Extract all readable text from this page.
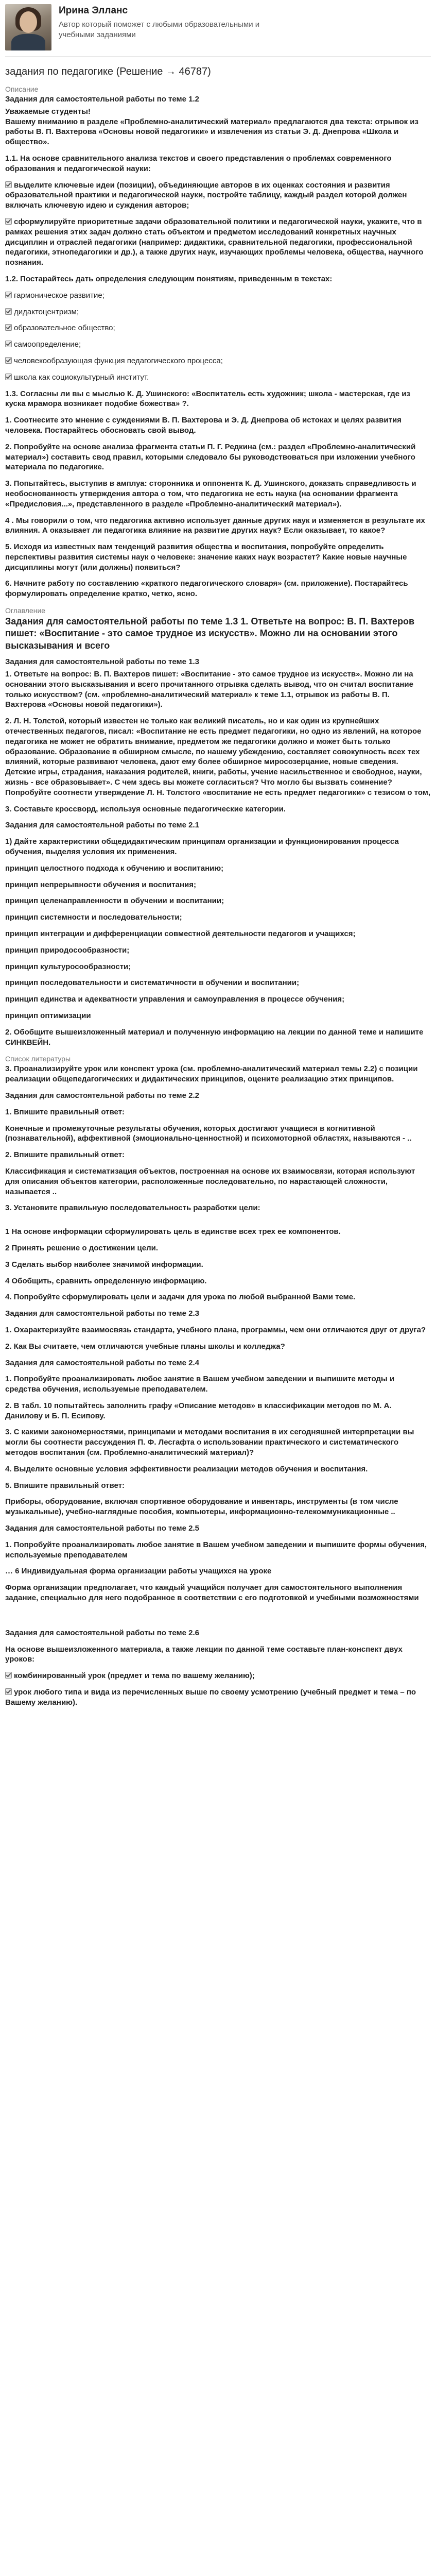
Ирина Элланс
Автор который поможет с любыми образовательными и учебными заданиями
задания по педагогике (Решение → 46787)
Описание
Задания для самостоятельной работы по теме 1.2
Уважаемые студенты!
Вашему вниманию в разделе «Проблемно-аналитический материал» предлагаются два текста: отрывок из работы В. П. Вахтерова «Основы новой педагогики» и извлечения из статьи Э. Д. Днепрова «Школа и общество».
1.1. На основе сравнительного анализа текстов и своего представления о проблемах современного образования и педагогической науки:
выделите ключевые идеи (позиции), объединяющие авторов в их оценках состояния и развития образовательной практики и педагогической науки, постройте таблицу, каждый раздел которой должен включать ключевую идею и суждения авторов;
сформулируйте приоритетные задачи образовательной политики и педагогической науки, укажите, что в рамках решения этих задач должно стать объектом и предметом исследований конкретных научных дисциплин и отраслей педагогики (например: дидактики, сравнительной педагогики, профессиональной педагогики, этнопедагогики и др.), а также других наук, изучающих проблемы человека, общества, научного познания.
1.2. Постарайтесь дать определения следующим понятиям, приведенным в текстах:
гармоническое развитие;
дидактоцентризм;
образовательное общество;
самоопределение;
человекообразующая функция педагогического процесса;
школа как социокультурный институт.
1.3. Согласны ли вы с мыслью К. Д. Ушинского: «Воспитатель есть художник; школа - мастерская, где из куска мрамора возникает подобие божества» ?.
1. Соотнесите это мнение с суждениями В. П. Вахтерова и Э. Д. Днепрова об истоках и целях развития человека. Постарайтесь обосновать свой вывод.
2. Попробуйте на основе анализа фрагмента статьи П. Г. Редкина (см.: раздел «Проблемно-аналитический материал») составить свод правил, которыми следовало бы руководствоваться при изложении учебного материала по педагогике.
3. Попытайтесь, выступив в амплуа: сторонника и оппонента К. Д. Ушинского, доказать справедливость и необоснованность утверждения автора о том, что педагогика не есть наука (на основании фрагмента «Предисловия...», представленного в разделе «Проблемно-аналитический материал»).
4 . Мы говорили о том, что педагогика активно использует данные других наук и изменяется в результате их влияния. А оказывает ли педагогика влияние на развитие других наук? Если оказывает, то какое?
5. Исходя из известных вам тенденций развития общества и воспитания, попробуйте определить перспективы развития системы наук о человеке: значение каких наук возрастет? Какие новые научные дисциплины могут (или должны) появиться?
6. Начните работу по составлению «краткого педагогического словаря» (см. приложение). Постарайтесь формулировать определение кратко, четко, ясно.
Оглавление
Задания для самостоятельной работы по теме 1.3 1. Ответьте на вопрос: В. П. Вахтеров пишет: «Воспитание - это самое трудное из искусств». Можно ли на основании этого высказывания и всего
Задания для самостоятельной работы по теме 1.3
1. Ответьте на вопрос: В. П. Вахтеров пишет: «Воспитание - это самое трудное из искусств». Можно ли на основании этого высказывания и всего прочитанного отрывка сделать вывод, что он считал воспитание только искусством? (см. «проблемно-аналитический материал» к теме 1.1, отрывок из работы В. П. Вахтерова «Основы новой педагогики»).
2. Л. Н. Толстой, который известен не только как великий писатель, но и как один из крупнейших отечественных педагогов, писал: «Воспитание не есть предмет педагогики, но одно из явлений, на которое педагогика не может не обратить внимание, предметом же педагогики должно и может быть только образование. Образование в обширном смысле, по нашему убеждению, составляет совокупность всех тех влияний, которые развивают человека, дают ему более обширное миросозерцание, новые сведения. Детские игры, страдания, наказания родителей, книги, работы, учение насильственное и свободное, науки, жизнь - все образовывает». С чем здесь вы можете согласиться? Что могло бы вызвать сомнение? Попробуйте соотнести утверждение Л. Н. Толстого «воспитание не есть предмет педагогики» с тезисом о том,
3. Составьте кроссворд, используя основные педагогические категории.
Задания для самостоятельной работы по теме 2.1
1) Дайте характеристики общедидактическим принципам организации и функционирования процесса обучения, выделяя условия их применения.
принцип целостного подхода к обучению и воспитанию;
принцип непрерывности обучения и воспитания;
принцип целенаправленности в обучении и воспитании;
принцип системности и последовательности;
принцип интеграции и дифференциации совместной деятельности педагогов и учащихся;
принцип природосообразности;
принцип культуросообразности;
принцип последовательности и систематичности в обучении и воспитании;
принцип единства и адекватности управления и самоуправления в процессе обучения;
принцип оптимизации
2. Обобщите вышеизложенный материал и полученную информацию на лекции по данной теме и напишите СИНКВЕЙН.
Список литературы
3. Проанализируйте урок или конспект урока (см. проблемно-аналитический материал темы 2.2) с позиции реализации общепедагогических и дидактических принципов, оцените реализацию этих принципов.
Задания для самостоятельной работы по теме 2.2
1. Впишите правильный ответ:
Конечные и промежуточные результаты обучения, которых достигают учащиеся в когнитивной (познавательной), аффективной (эмоционально-ценностной) и психомоторной областях, называются - ..
2. Впишите правильный ответ:
Классификация и систематизация объектов, построенная на основе их взаимосвязи, которая используют для описания объектов категории, расположенные последовательно, по нарастающей сложности, называется ..
3. Установите правильную последовательность разработки цели:
1 На основе информации сформулировать цель в единстве всех трех ее компонентов.
2 Принять решение о достижении цели.
3 Сделать выбор наиболее значимой информации.
4 Обобщить, сравнить определенную информацию.
4. Попробуйте сформулировать цели и задачи для урока по любой выбранной Вами теме.
Задания для самостоятельной работы по теме 2.3
1. Охарактеризуйте взаимосвязь стандарта, учебного плана, программы, чем они отличаются друг от друга?
2. Как Вы считаете, чем отличаются учебные планы школы и колледжа?
Задания для самостоятельной работы по теме 2.4
1. Попробуйте проанализировать любое занятие в Вашем учебном заведении и выпишите методы и средства обучения, используемые преподавателем.
2. В табл. 10 попытайтесь заполнить графу «Описание методов» в классификации методов по М. А. Данилову и Б. П. Есипову.
3. С какими закономерностями, принципами и методами воспитания в их сегодняшней интерпретации вы могли бы соотнести рассуждения П. Ф. Лесгафта о использовании практического и систематического методов воспитания (см. Проблемно-аналитический материал)?
4. Выделите основные условия эффективности реализации методов обучения и воспитания.
5. Впишите правильный ответ:
Приборы, оборудование, включая спортивное оборудование и инвентарь, инструменты (в том числе музыкальные), учебно-наглядные пособия, компьютеры, информационно-телекоммуникационные ..
Задания для самостоятельной работы по теме 2.5
1. Попробуйте проанализировать любое занятие в Вашем учебном заведении и выпишите формы обучения, используемые преподавателем
… 6 Индивидуальная форма организации работы учащихся на уроке
Форма организации предполагает, что каждый учащийся получает для самостоятельного выполнения задание, специально для него подобранное в соответствии с его подготовкой и учебными возможностями
Задания для самостоятельной работы по теме 2.6
На основе вышеизложенного материала, а также лекции по данной теме составьте план-конспект двух уроков:
комбинированный урок (предмет и тема по вашему желанию);
урок любого типа и вида из перечисленных выше по своему усмотрению (учебный предмет и тема – по Вашему желанию).
